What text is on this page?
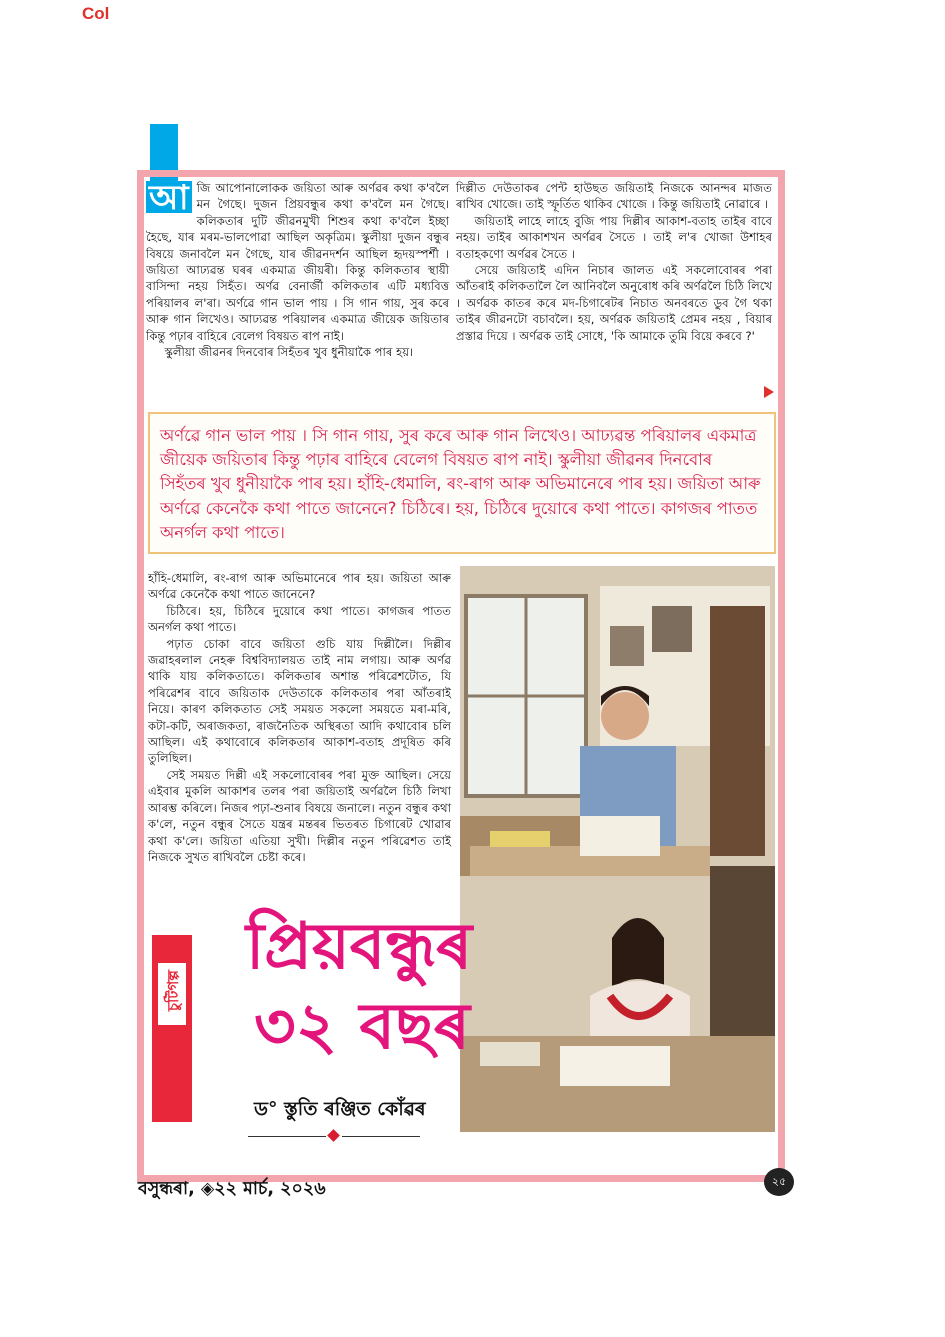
Col

আ জি আপোনালোকক জয়িতা আৰু অৰ্ণৱৰ কথা ক'বলৈ মন গৈছে। দুজন প্ৰিয়বন্ধুৰ কথা ক'বলৈ মন গৈছে। কলিকতাৰ দুটি জীৱনমুখী শিশুৰ কথা ক'বলৈ ইচ্ছা হৈছে, যাৰ মৰম-ভালপোৱা আছিল অকৃত্ৰিম। স্কুলীয়া দুজন বন্ধুৰ বিষয়ে জনাবলৈ মন গৈছে, যাৰ জীৱনদৰ্শন আছিল হৃদয়স্পৰ্শী । জয়িতা আঢ্যৱন্ত ঘৰৰ একমাত্ৰ জীয়ৰী। কিন্তু কলিকতাৰ স্থায়ী বাসিন্দা নহয় সিহঁত। অৰ্ণৱ বেনাৰ্জী কলিকতাৰ এটি মধ্যবিত্ত পৰিয়ালৰ ল'ৰা। অৰ্ণৱে গান ভাল পায় । সি গান গায়, সুৰ কৰে আৰু গান লিখেও। আঢ্যৱন্ত পৰিয়ালৰ একমাত্ৰ জীয়েক জয়িতাৰ কিন্তু পঢ়াৰ বাহিৰে বেলেগ বিষয়ত ৰাপ নাই।

স্কুলীয়া জীৱনৰ দিনবোৰ সিহঁতৰ খুব ধুনীয়াকৈ পাৰ হয়।

দিল্লীত দেউতাকৰ পেন্ট হাউছত জয়িতাই নিজকে আনন্দৰ মাজত ৰাখিব খোজে। তাই স্ফূৰ্তিত থাকিব খোজে । কিন্তু জয়িতাই নোৱাৰে ।

জয়িতাই লাহে লাহে বুজি পায় দিল্লীৰ আকাশ-বতাহ তাইৰ বাবে নহয়। তাইৰ আকাশখন অৰ্ণৱৰ সৈতে । তাই ল'ৰ খোজা উশাহৰ বতাহকণো অৰ্ণৱৰ সৈতে ।

সেয়ে জয়িতাই এদিন নিচাৰ জালত এই সকলোবোৰৰ পৰা আঁতৰাই কলিকতালৈ লৈ আনিবলৈ অনুৰোধ কৰি অৰ্ণৱলৈ চিঠি লিখে । অৰ্ণৱক কাতৰ কৰে মদ-চিগাৰেটৰ নিচাত অনবৰতে ডুব গৈ থকা তাইৰ জীৱনটো বচাবলৈ। হয়, অৰ্ণৱক জয়িতাই প্ৰেমৰ নহয় , বিয়াৰ প্ৰস্তাৱ দিয়ে । অৰ্ণৱক তাই সোধে, 'কি আমাকে তুমি বিয়ে কৰবে ?'

অৰ্ণৱে গান ভাল পায় । সি গান গায়, সুৰ কৰে আৰু গান লিখেও। আঢ্যৱন্ত পৰিয়ালৰ একমাত্ৰ জীয়েক জয়িতাৰ কিন্তু পঢ়াৰ বাহিৰে বেলেগ বিষয়ত ৰাপ নাই। স্কুলীয়া জীৱনৰ দিনবোৰ সিহঁতৰ খুব ধুনীয়াকৈ পাৰ হয়। হাঁহি-ধেমালি, ৰং-ৰাগ আৰু অভিমানেৰে পাৰ হয়। জয়িতা আৰু অৰ্ণৱে কেনেকৈ কথা পাতে জানেনে? চিঠিৰে। হয়, চিঠিৰে দুয়োৰে কথা পাতে। কাগজৰ পাতত অনৰ্গল কথা পাতে।

হাঁহি-ধেমালি, ৰং-ৰাগ আৰু অভিমানেৰে পাৰ হয়। জয়িতা আৰু অৰ্ণৱে কেনেকৈ কথা পাতে জানেনে?

চিঠিৰে। হয়, চিঠিৰে দুয়োৰে কথা পাতে। কাগজৰ পাতত অনৰ্গল কথা পাতে।

পঢ়াত চোকা বাবে জয়িতা গুচি যায় দিল্লীলৈ। দিল্লীৰ জৱাহৰলাল নেহৰু বিশ্ববিদ্যালয়ত তাই নাম লগায়। আৰু অৰ্ণৱ থাকি যায় কলিকতাতে। কলিকতাৰ অশান্ত পৰিৱেশটোত, যি পৰিৱেশৰ বাবে জয়িতাক দেউতাকে কলিকতাৰ পৰা আঁতৰাই নিয়ে। কাৰণ কলিকতাত সেই সময়ত সকলো সময়তে মৰা-মৰি, কটা-কটি, অৰাজকতা, ৰাজনৈতিক অস্থিৰতা আদি কথাবোৰ চলি আছিল। এই কথাবোৰে কলিকতাৰ আকাশ-বতাহ প্ৰদূষিত কৰি তুলিছিল।

সেই সময়ত দিল্লী এই সকলোবোৰৰ পৰা মুক্ত আছিল। সেয়ে এইবাৰ মুকলি আকাশৰ তলৰ পৰা জয়িতাই অৰ্ণৱলৈ চিঠি লিখা আৰম্ভ কৰিলে। নিজৰ পঢ়া-শুনাৰ বিষয়ে জনালে। নতুন বন্ধুৰ কথা ক'লে, নতুন বন্ধুৰ সৈতে যন্ত্ৰৰ মন্তৰৰ ভিতৰত চিগাৰেট খোৱাৰ কথা ক'লে। জয়িতা এতিয়া সুখী। দিল্লীৰ নতুন পৰিৱেশত তাই নিজকে সুখত ৰাখিবলৈ চেষ্টা কৰে।

প্ৰিয়বন্ধুৰ
৩২ বছৰ
ড° স্তুতি ৰঞ্জিত কোঁৱৰ
চুটিগল্প
বসুন্ধৰা, ◈২২ মাৰ্চ, ২০২৬	২৫
